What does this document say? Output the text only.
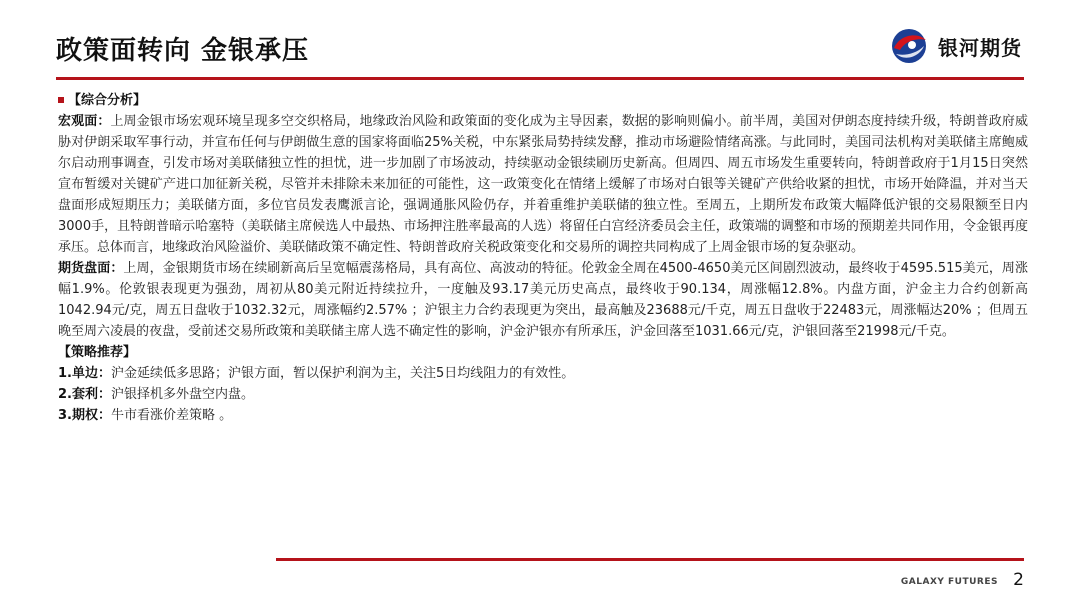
政策面转向 金银承压	银河期货
【综合分析】
宏观面：上周金银市场宏观环境呈现多空交织格局，地缘政治风险和政策面的变化成为主导因素，数据的影响则偏小。前半周，美国对伊朗态度持续升级，特朗普政府威胁对伊朗采取军事行动，并宣布任何与伊朗做生意的国家将面临25%关税，中东紧张局势持续发酵，推动市场避险情绪高涨。与此同时，美国司法机构对美联储主席鲍威尔启动刑事调查，引发市场对美联储独立性的担忧，进一步加剧了市场波动，持续驱动金银续刷历史新高。但周四、周五市场发生重要转向，特朗普政府于1月15日突然宣布暂缓对关键矿产进口加征新关税，尽管并未排除未来加征的可能性，这一政策变化在情绪上缓解了市场对白银等关键矿产供给收紧的担忧，市场开始降温，并对当天盘面形成短期压力；美联储方面，多位官员发表鹰派言论，强调通胀风险仍存，并着重维护美联储的独立性。至周五，上期所发布政策大幅降低沪银的交易限额至日内3000手，且特朗普暗示哈塞特（美联储主席候选人中最热、市场押注胜率最高的人选）将留任白宫经济委员会主任，政策端的调整和市场的预期差共同作用，令金银再度承压。总体而言，地缘政治风险溢价、美联储政策不确定性、特朗普政府关税政策变化和交易所的调控共同构成了上周金银市场的复杂驱动。
期货盘面：上周，金银期货市场在续刷新高后呈宽幅震荡格局，具有高位、高波动的特征。伦敦金全周在4500-4650美元区间剧烈波动，最终收于4595.515美元，周涨幅1.9%。伦敦银表现更为强劲，周初从80美元附近持续拉升，一度触及93.17美元历史高点，最终收于90.134，周涨幅12.8%。内盘方面，沪金主力合约创新高1042.94元/克，周五日盘收于1032.32元，周涨幅约2.57% ；沪银主力合约表现更为突出，最高触及23688元/千克，周五日盘收于22483元，周涨幅达20% ；但周五晚至周六凌晨的夜盘，受前述交易所政策和美联储主席人选不确定性的影响，沪金沪银亦有所承压，沪金回落至1031.66元/克，沪银回落至21998元/千克。
【策略推荐】
1.单边：沪金延续低多思路；沪银方面，暂以保护利润为主，关注5日均线阻力的有效性。
2.套利：沪银择机多外盘空内盘。
3.期权：牛市看涨价差策略 。
GALAXY FUTURES 2
